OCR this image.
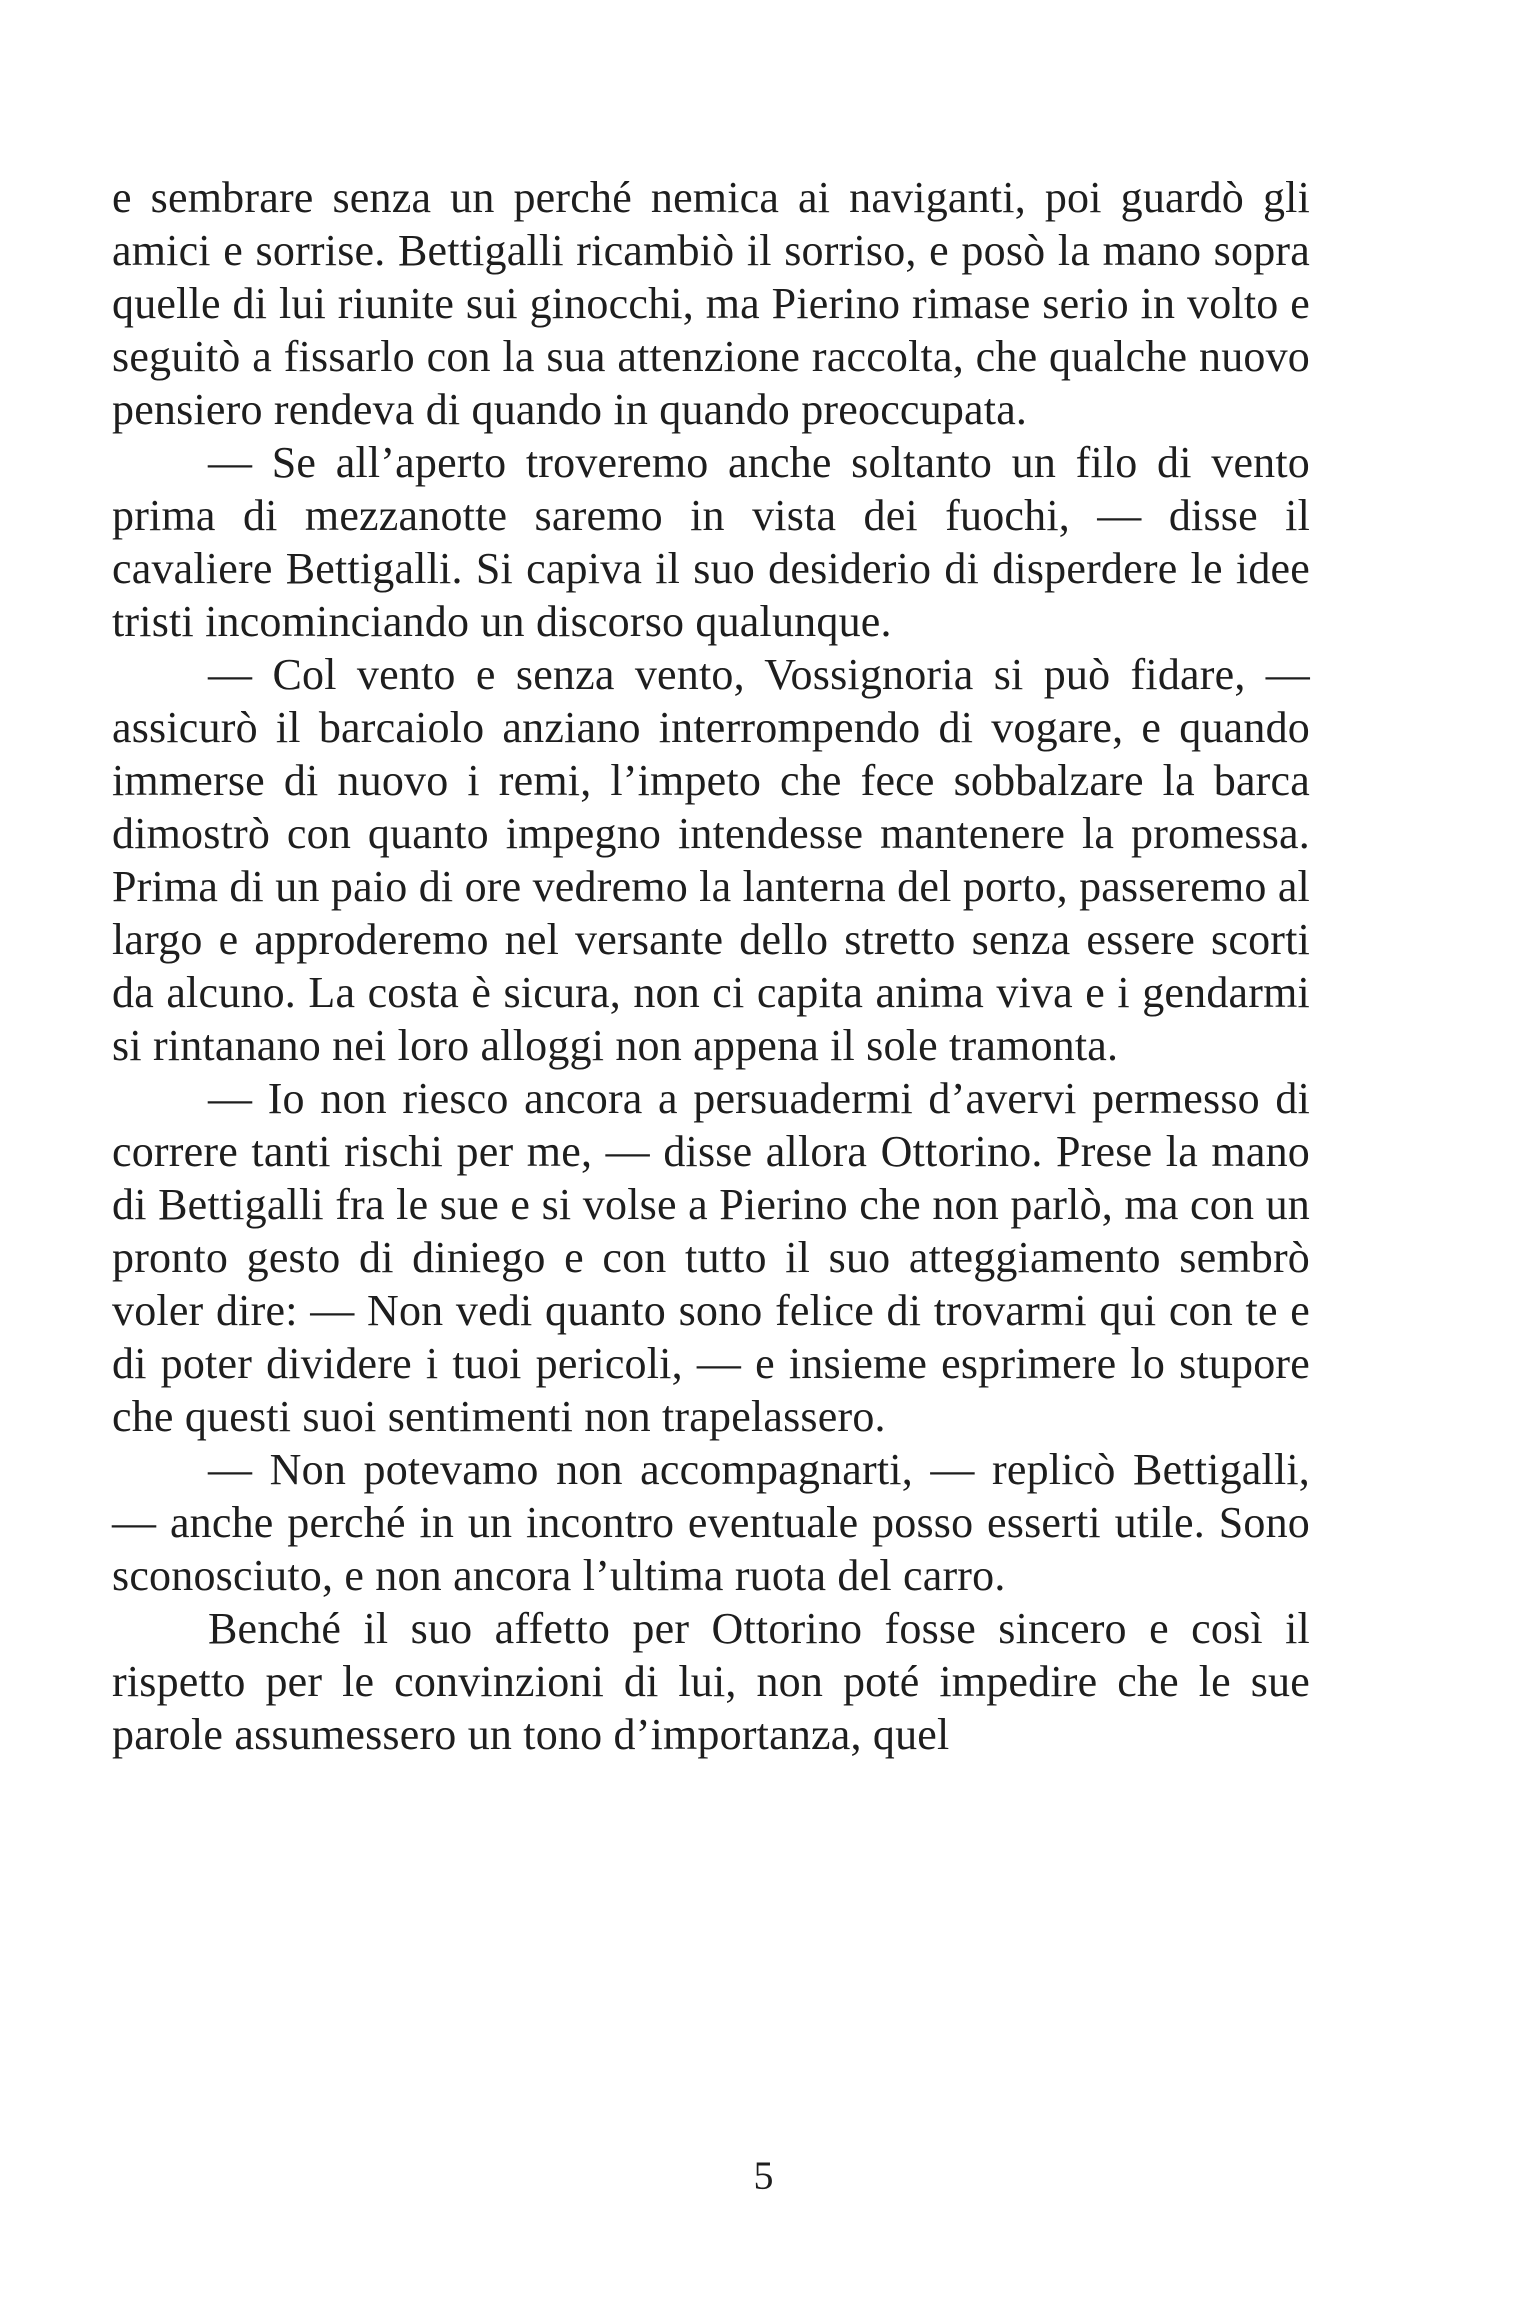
e sembrare senza un perché nemica ai naviganti, poi guardò gli amici e sorrise. Bettigalli ricambiò il sorriso, e posò la mano sopra quelle di lui riunite sui ginocchi, ma Pierino rimase serio in volto e seguitò a fissarlo con la sua attenzione raccolta, che qualche nuovo pensiero rendeva di quando in quando preoccupata.

— Se all’aperto troveremo anche soltanto un filo di vento prima di mezzanotte saremo in vista dei fuochi, — disse il cavaliere Bettigalli. Si capiva il suo desiderio di disperdere le idee tristi incominciando un discorso qualunque.

— Col vento e senza vento, Vossignoria si può fidare, — assicurò il barcaiolo anziano interrompendo di vogare, e quando immerse di nuovo i remi, l’impeto che fece sobbalzare la barca dimostrò con quanto impegno intendesse mantenere la promessa. Prima di un paio di ore vedremo la lanterna del porto, passeremo al largo e approderemo nel versante dello stretto senza essere scorti da alcuno. La costa è sicura, non ci capita anima viva e i gendarmi si rintanano nei loro alloggi non appena il sole tramonta.

— Io non riesco ancora a persuadermi d’avervi permesso di correre tanti rischi per me, — disse allora Ottorino. Prese la mano di Bettigalli fra le sue e si volse a Pierino che non parlò, ma con un pronto gesto di diniego e con tutto il suo atteggiamento sembrò voler dire: — Non vedi quanto sono felice di trovarmi qui con te e di poter dividere i tuoi pericoli, — e insieme esprimere lo stupore che questi suoi sentimenti non trapelassero.

— Non potevamo non accompagnarti, — replicò Bettigalli, — anche perché in un incontro eventuale posso esserti utile. Sono sconosciuto, e non ancora l’ultima ruota del carro.

Benché il suo affetto per Ottorino fosse sincero e così il rispetto per le convinzioni di lui, non poté impedire che le sue parole assumessero un tono d’importanza, quel

5
